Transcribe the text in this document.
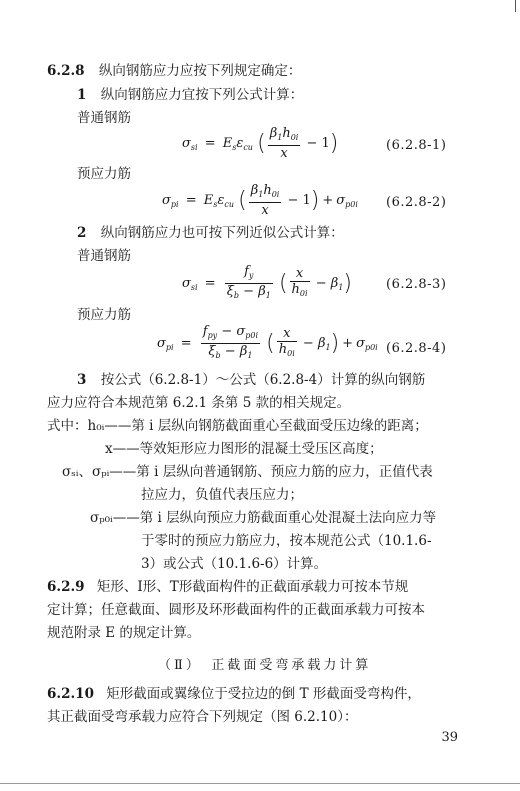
6.2.8 纵向钢筋应力应按下列规定确定：
1 纵向钢筋应力宜按下列公式计算：
普通钢筋
$\sigma_{si} = E_s\varepsilon_{cu}$ ( $\frac{\beta_1h_{0i}}{x} - 1$)	(6.2.8-1)
预应力筋
$\sigma_{pi} = E_s\varepsilon_{cu}$ ( $\frac{\beta_1h_{0i}}{x} - 1) + \sigma_{p0i}$ (6.2.8-2)
2 纵向钢筋应力也可按下列近似公式计算：
普通钢筋
$\sigma_{si} = \frac{f_y}{\xi_b - \beta_1}$ ( $\frac{x}{h_{0i}} - \beta_1$)	(6.2.8-3)
预应力筋
$\sigma_{pi} = \frac{f_{py} - \sigma_{p0i}}{\xi_b - \beta_1}$ ( $\frac{x}{h_{0i}} - \beta_1) + \sigma_{p0i}$ (6.2.8-4)
3 按公式（6.2.8-1）～公式（6.2.8-4）计算的纵向钢筋
应力应符合本规范第 6.2.1 条第 5 款的相关规定。
式中：h₀ᵢ——第 i 层纵向钢筋截面重心至截面受压边缘的距离；
x——等效矩形应力图形的混凝土受压区高度；
σₛᵢ、σₚᵢ——第 i 层纵向普通钢筋、预应力筋的应力，正值代表
拉应力，负值代表压应力；
σₚ₀ᵢ——第 i 层纵向预应力筋截面重心处混凝土法向应力等
于零时的预应力筋应力，按本规范公式（10.1.6-
3）或公式（10.1.6-6）计算。
6.2.9 矩形、I形、T形截面构件的正截面承载力可按本节规
定计算；任意截面、圆形及环形截面构件的正截面承载力可按本
规范附录 E 的规定计算。
（Ⅱ）　正截面受弯承载力计算
6.2.10 矩形截面或翼缘位于受拉边的倒 T 形截面受弯构件，
其正截面受弯承载力应符合下列规定（图 6.2.10）：
39
